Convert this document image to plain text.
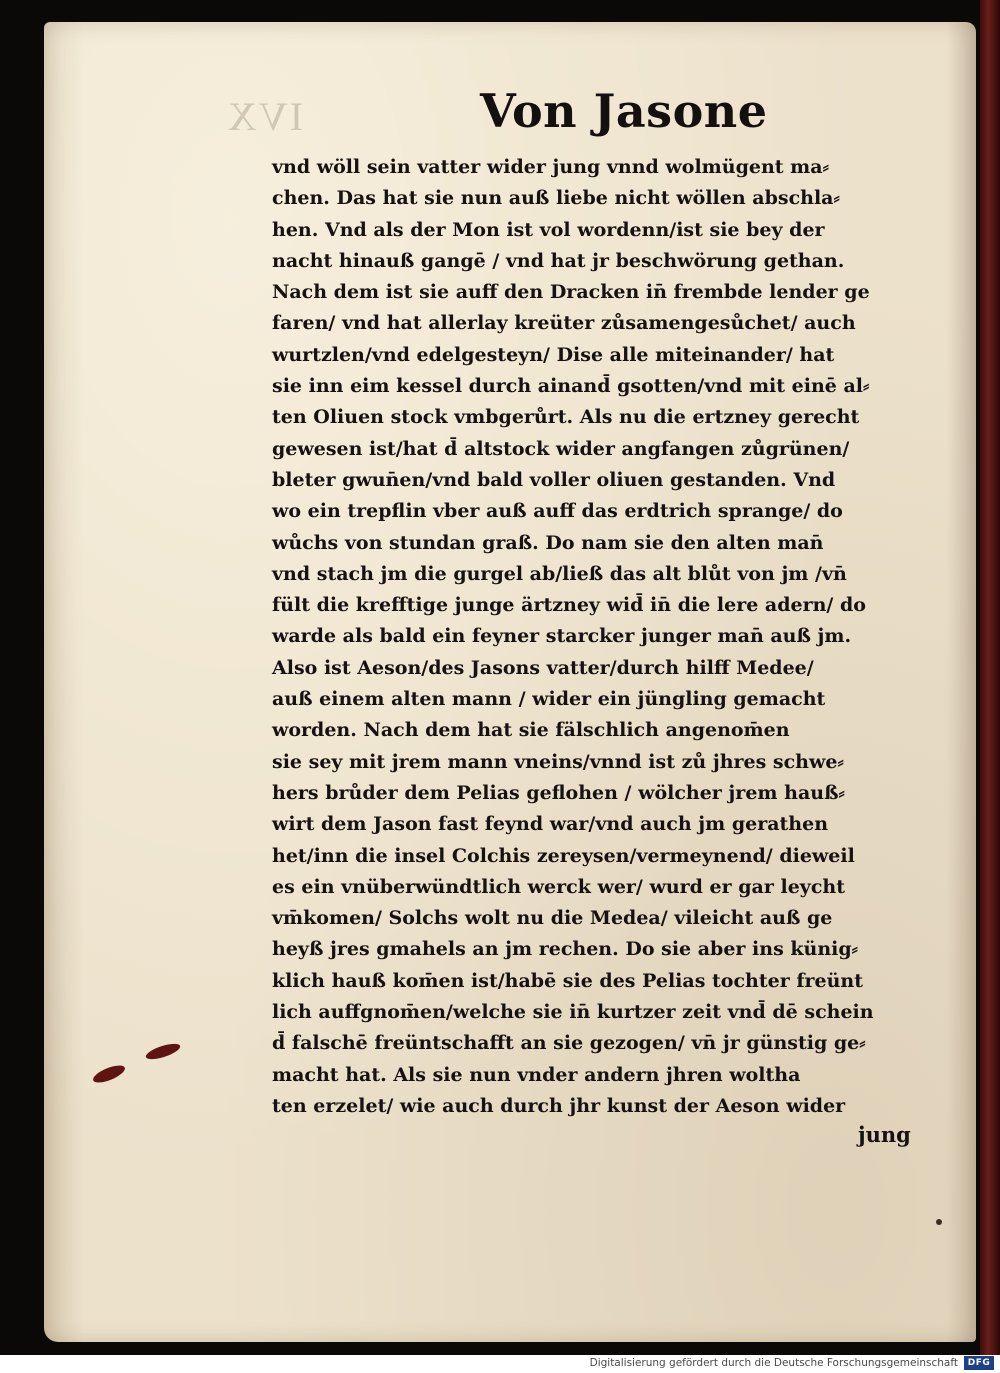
IVX	Von Jasone
vnd wöll sein vatter wider jung vnnd wolmügent ma⸗
chen. Das hat sie nun auß liebe nicht wöllen abschla⸗
hen. Vnd als der Mon ist vol wordenn/ist sie bey der
nacht hinauß gangē / vnd hat jr beschwörung gethan.
Nach dem ist sie auff den Dracken in̄ frembde lender ge
faren/ vnd hat allerlay kreüter zůsamengesůchet/ auch
wurtzlen/vnd edelgesteyn/ Dise alle miteinander/ hat
sie inn eim kessel durch ainand̄ gsotten/vnd mit einē al⸗
ten Oliuen stock vmbgerůrt. Als nu die ertzney gerecht
gewesen ist/hat d̄ altstock wider angfangen zůgrünen/
bleter gwun̄en/vnd bald voller oliuen gestanden. Vnd
wo ein trepflin vber auß auff das erdtrich sprange/ do
wůchs von stundan graß. Do nam sie den alten man̄
vnd stach jm die gurgel ab/ließ das alt blůt von jm /vn̄
fült die krefftige junge ärtzney wid̄ in̄ die lere adern/ do
warde als bald ein feyner starcker junger man̄ auß jm.
Also ist Aeson/des Jasons vatter/durch hilff Medee/
auß einem alten mann / wider ein jüngling gemacht
worden. Nach dem hat sie fälschlich angenom̄en
sie sey mit jrem mann vneins/vnnd ist zů jhres schwe⸗
hers brůder dem Pelias geflohen / wölcher jrem hauß⸗
wirt dem Jason fast feynd war/vnd auch jm gerathen
het/inn die insel Colchis zereysen/vermeynend/ dieweil
es ein vnüberwündtlich werck wer/ wurd er gar leycht
vm̄komen/ Solchs wolt nu die Medea/ vileicht auß ge
heyß jres gmahels an jm rechen. Do sie aber ins künig⸗
klich hauß kom̄en ist/habē sie des Pelias tochter freünt
lich auffgnom̄en/welche sie in̄ kurtzer zeit vnd̄ dē schein
d̄ falschē freüntschafft an sie gezogen/ vn̄ jr günstig ge⸗
macht hat. Als sie nun vnder andern jhren woltha
ten erzelet/ wie auch durch jhr kunst der Aeson wider
jung
Digitalisierung gefördert durch die Deutsche Forschungsgemeinschaft	DFG
